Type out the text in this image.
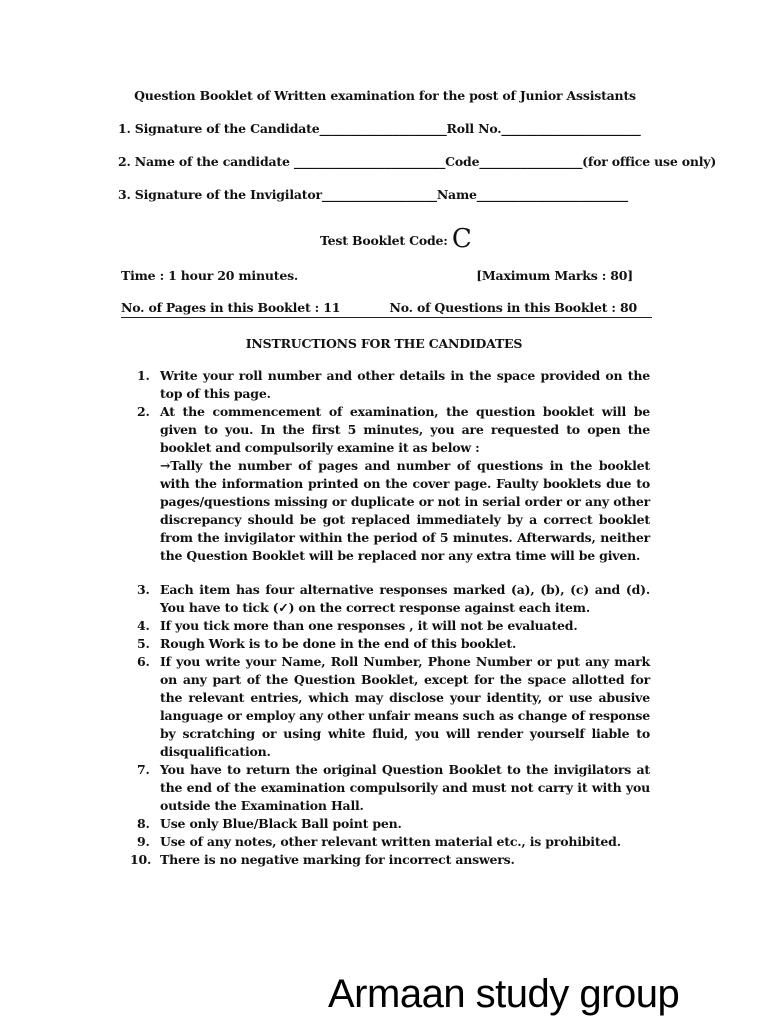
Question Booklet of Written examination for the post of Junior Assistants
1. Signature of the Candidate_____________________Roll No._______________________
2. Name of the candidate _________________________Code_________________(for office use only)
3. Signature of the Invigilator___________________Name_________________________
Test Booklet Code: C
Time : 1 hour 20 minutes.	[Maximum Marks : 80]
No. of Pages in this Booklet : 11	No. of Questions in this Booklet : 80
INSTRUCTIONS FOR THE CANDIDATES
1. Write your roll number and other details in the space provided on the top of this page.
2. At the commencement of examination, the question booklet will be given to you. In the first 5 minutes, you are requested to open the booklet and compulsorily examine it as below :
→Tally the number of pages and number of questions in the booklet with the information printed on the cover page. Faulty booklets due to pages/questions missing or duplicate or not in serial order or any other discrepancy should be got replaced immediately by a correct booklet from the invigilator within the period of 5 minutes. Afterwards, neither the Question Booklet will be replaced nor any extra time will be given.
3. Each item has four alternative responses marked (a), (b), (c) and (d). You have to tick (✓) on the correct response against each item.
4. If you tick more than one responses , it will not be evaluated.
5. Rough Work is to be done in the end of this booklet.
6. If you write your Name, Roll Number, Phone Number or put any mark on any part of the Question Booklet, except for the space allotted for the relevant entries, which may disclose your identity, or use abusive language or employ any other unfair means such as change of response by scratching or using white fluid, you will render yourself liable to disqualification.
7. You have to return the original Question Booklet to the invigilators at the end of the examination compulsorily and must not carry it with you outside the Examination Hall.
8. Use only Blue/Black Ball point pen.
9. Use of any notes, other relevant written material etc., is prohibited.
10. There is no negative marking for incorrect answers.
Armaan study group
